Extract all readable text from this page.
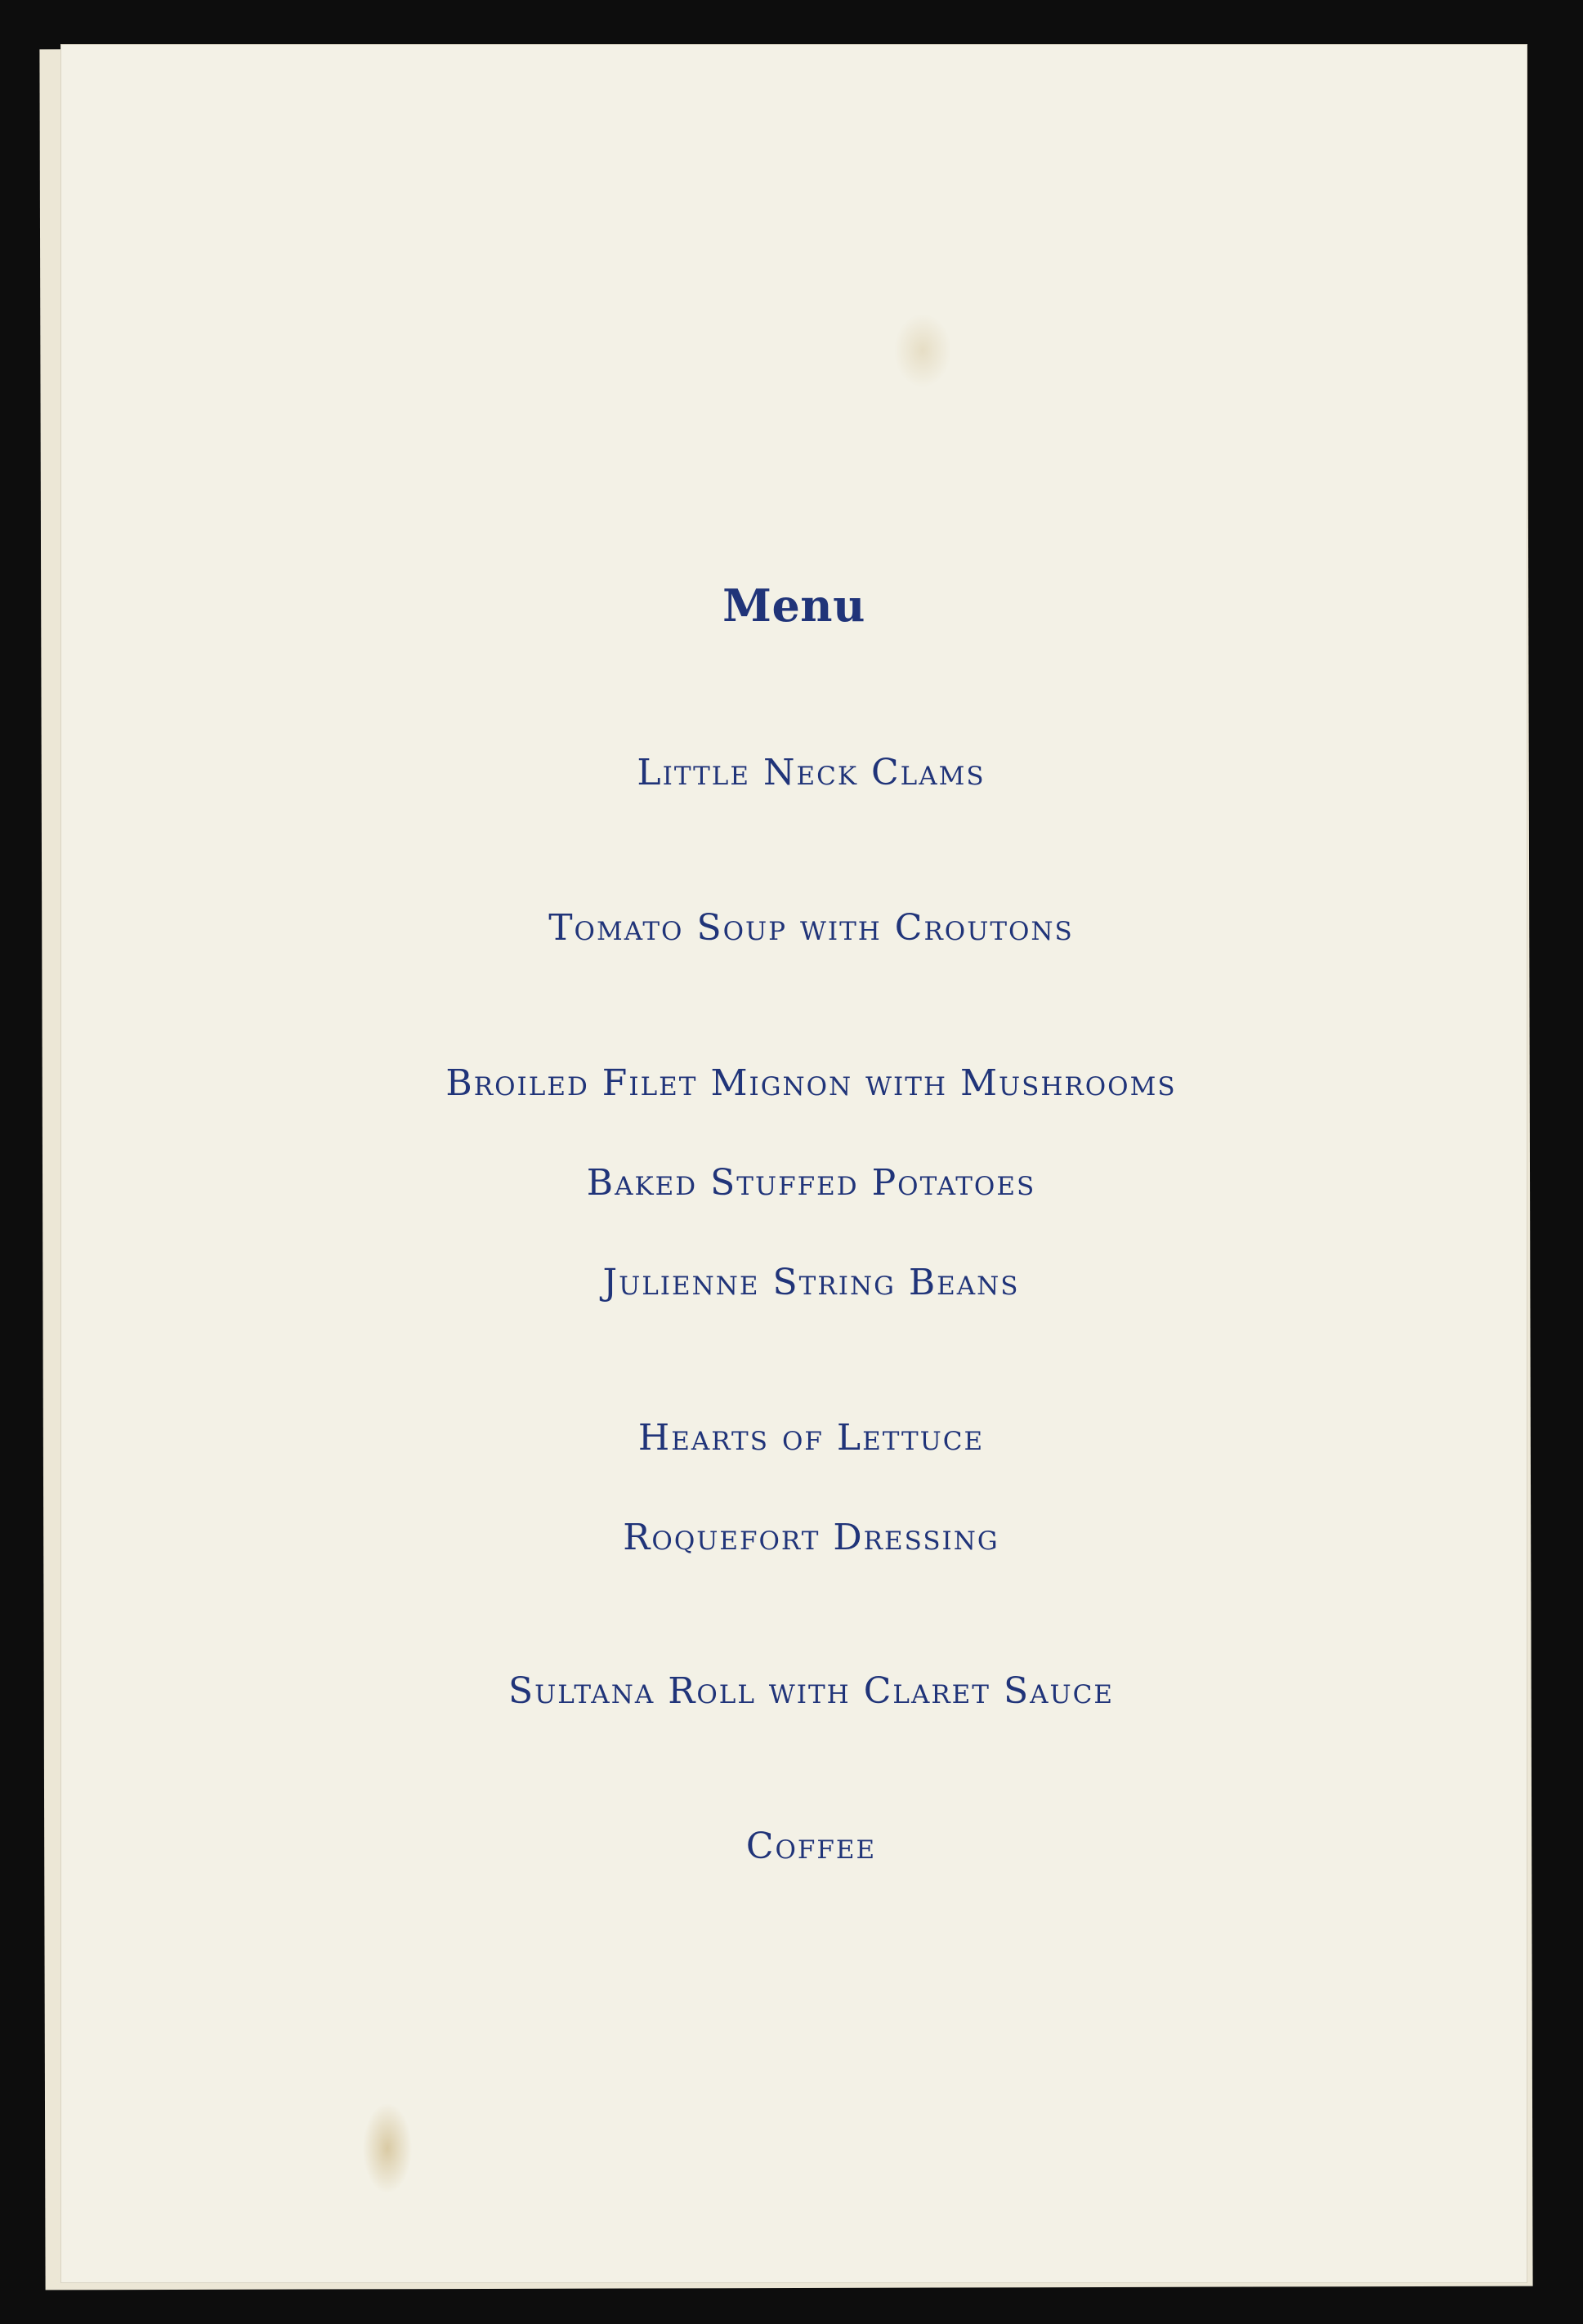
Menu

Little Neck Clams

Tomato Soup with Croutons

Broiled Filet Mignon with Mushrooms

Baked Stuffed Potatoes

Julienne String Beans

Hearts of Lettuce

Roquefort Dressing

Sultana Roll with Claret Sauce

Coffee
